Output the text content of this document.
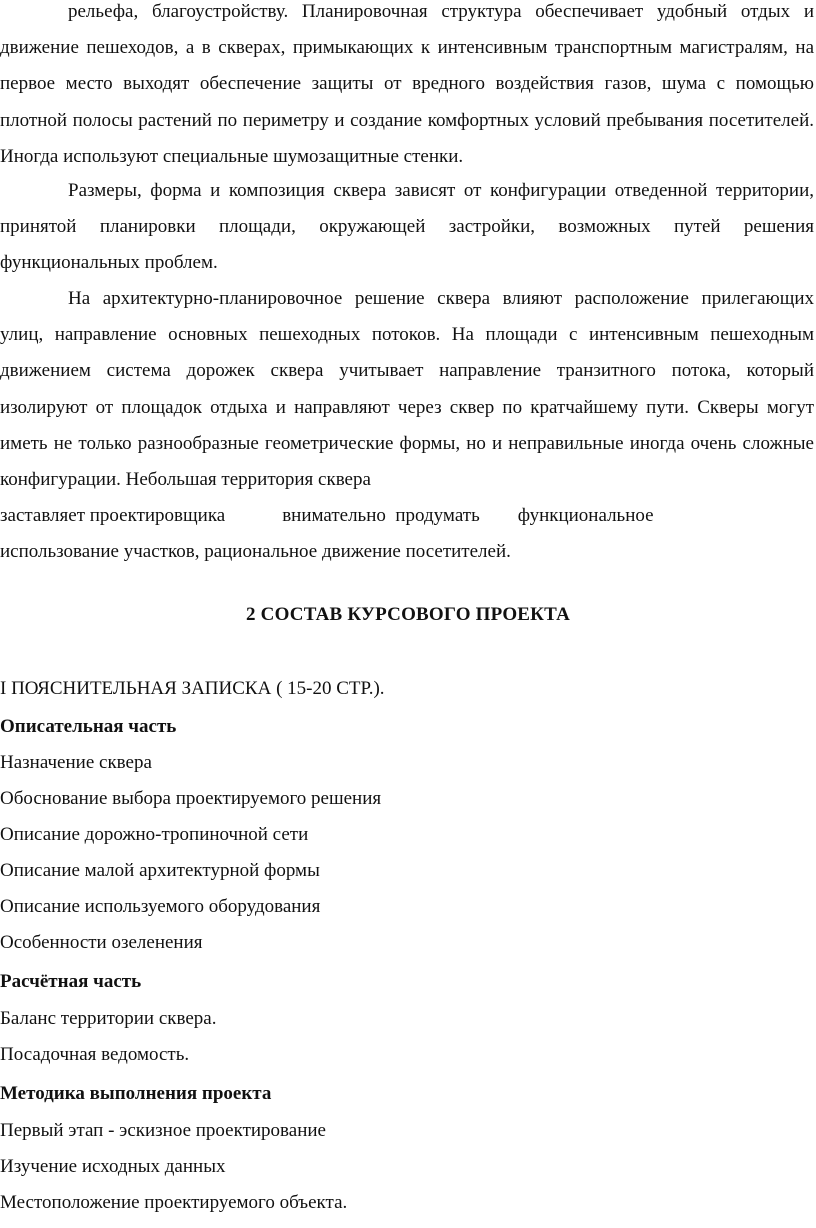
рельефа, благоустройству. Планировочная структура обеспечивает удобный отдых и движение пешеходов, а в скверах, примыкающих к интенсивным транспортным магистралям, на первое место выходят обеспечение защиты от вредного воздействия газов, шума с помощью плотной полосы растений по периметру и создание комфортных условий пребывания посетителей. Иногда используют специальные шумозащитные стенки.

Размеры, форма и композиция сквера зависят от конфигурации отведенной территории, принятой планировки площади, окружающей застройки, возможных путей решения функциональных проблем.

На архитектурно-планировочное решение сквера влияют расположение прилегающих улиц, направление основных пешеходных потоков. На площади с интенсивным пешеходным движением система дорожек сквера учитывает направление транзитного потока, который изолируют от площадок отдыха и направляют через сквер по кратчайшему пути. Скверы могут иметь не только разнообразные геометрические формы, но и неправильные иногда очень сложные конфигурации. Небольшая территория сквера
заставляет проектировщика            внимательно  продумать        функциональное
использование участков, рациональное движение посетителей.
2 СОСТАВ КУРСОВОГО ПРОЕКТА

I ПОЯСНИТЕЛЬНАЯ ЗАПИСКА ( 15-20 СТР.).

Описательная часть

Назначение сквера

Обоснование выбора проектируемого решения

Описание дорожно-тропиночной сети

Описание малой архитектурной формы

Описание используемого оборудования

Особенности озеленения

Расчётная часть

Баланс территории сквера.

Посадочная ведомость.

Методика выполнения проекта

Первый этап - эскизное проектирование

Изучение исходных данных

Местоположение проектируемого объекта.
